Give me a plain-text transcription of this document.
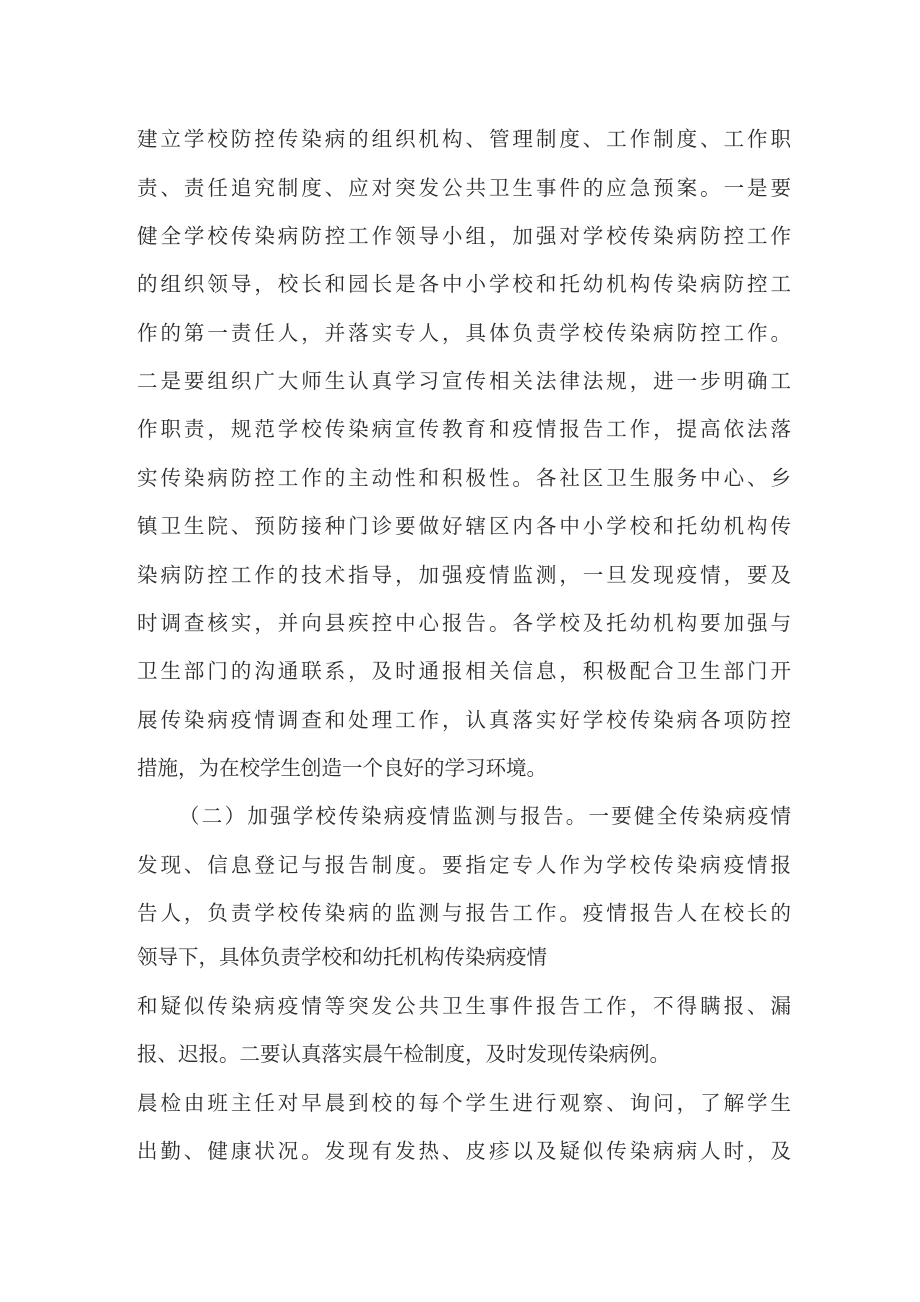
建立学校防控传染病的组织机构、管理制度、工作制度、工作职
责、责任追究制度、应对突发公共卫生事件的应急预案。一是要
健全学校传染病防控工作领导小组，加强对学校传染病防控工作
的组织领导，校长和园长是各中小学校和托幼机构传染病防控工
作的第一责任人，并落实专人，具体负责学校传染病防控工作。
二是要组织广大师生认真学习宣传相关法律法规，进一步明确工
作职责，规范学校传染病宣传教育和疫情报告工作，提高依法落
实传染病防控工作的主动性和积极性。各社区卫生服务中心、乡
镇卫生院、预防接种门诊要做好辖区内各中小学校和托幼机构传
染病防控工作的技术指导，加强疫情监测，一旦发现疫情，要及
时调查核实，并向县疾控中心报告。各学校及托幼机构要加强与
卫生部门的沟通联系，及时通报相关信息，积极配合卫生部门开
展传染病疫情调查和处理工作，认真落实好学校传染病各项防控
措施，为在校学生创造一个良好的学习环境。
（二）加强学校传染病疫情监测与报告。一要健全传染病疫情
发现、信息登记与报告制度。要指定专人作为学校传染病疫情报
告人，负责学校传染病的监测与报告工作。疫情报告人在校长的
领导下，具体负责学校和幼托机构传染病疫情
和疑似传染病疫情等突发公共卫生事件报告工作，不得瞒报、漏
报、迟报。二要认真落实晨午检制度，及时发现传染病例。
晨检由班主任对早晨到校的每个学生进行观察、询问，了解学生
出勤、健康状况。发现有发热、皮疹以及疑似传染病病人时，及
